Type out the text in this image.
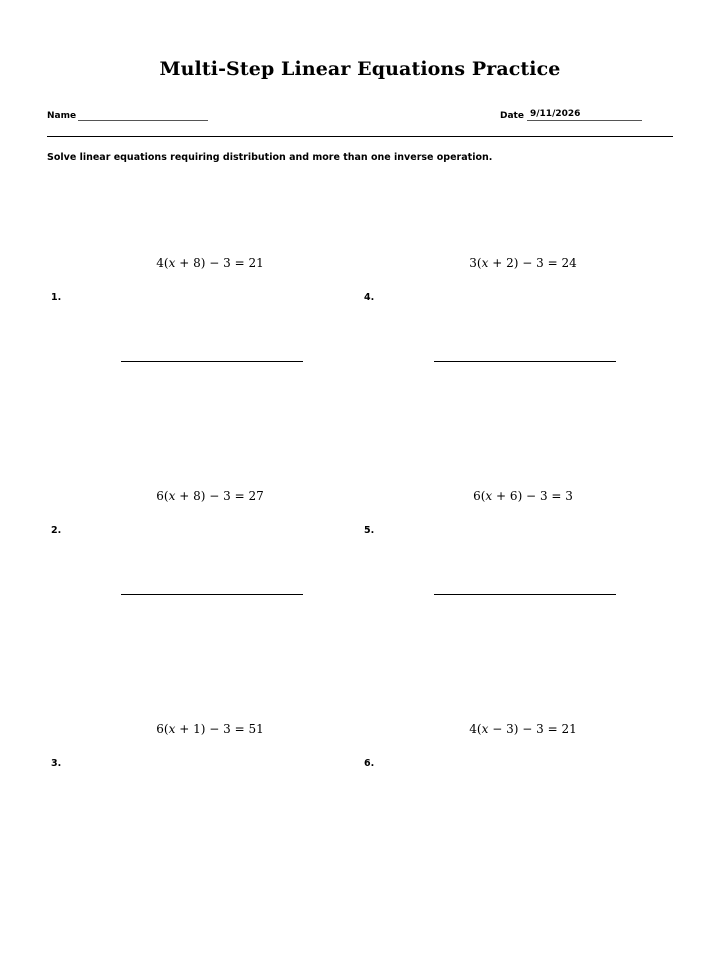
Multi-Step Linear Equations Practice
Name	Date 9/11/2026
Solve linear equations requiring distribution and more than one inverse operation.
4(x + 8) − 3 = 21
1.
6(x + 8) − 3 = 27
2.
6(x + 1) − 3 = 51
3.
3(x + 2) − 3 = 24
4.
6(x + 6) − 3 = 3
5.
4(x − 3) − 3 = 21
6.
